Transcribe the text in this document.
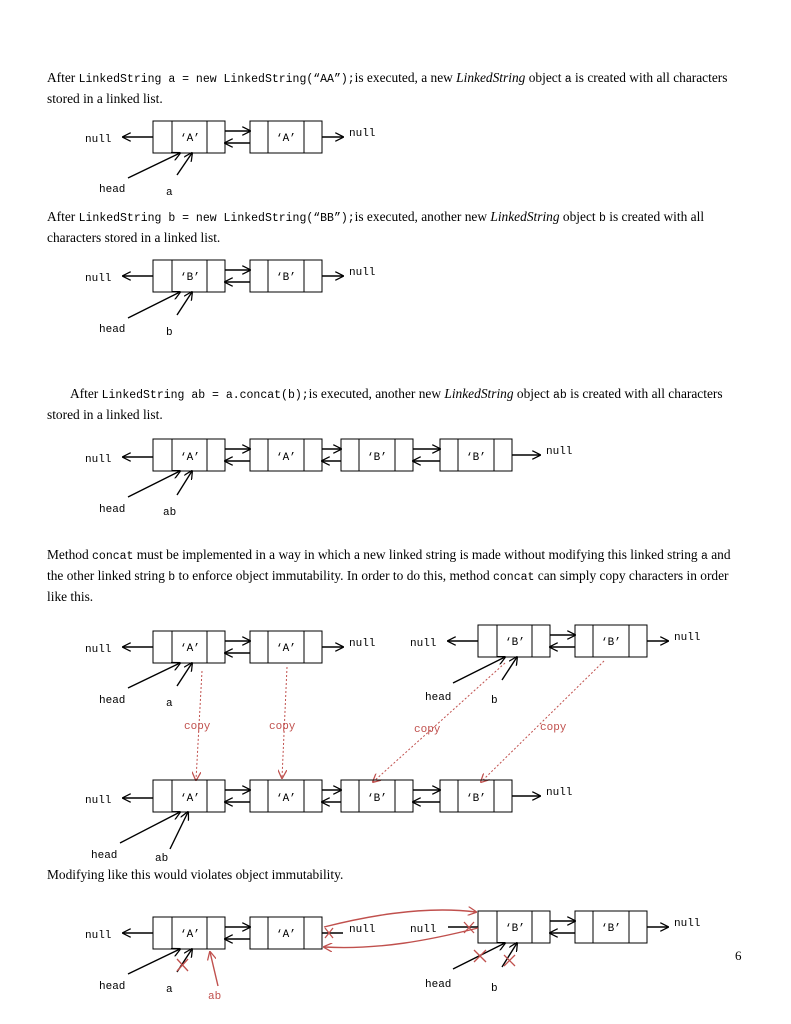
After LinkedString a = new LinkedString(“AA”);is executed, a new LinkedString object a is created with all characters stored in a linked list.

After LinkedString b = new LinkedString(“BB”);is executed, another new LinkedString object b is created with all characters stored in a linked list.

After LinkedString ab = a.concat(b);is executed, another new LinkedString object ab is created with all characters stored in a linked list.

Method concat must be implemented in a way in which a new linked string is made without modifying this linked string a and the other linked string b to enforce object immutability. In order to do this, method concat can simply copy characters in order like this.

Modifying like this would violates object immutability.

6
null	‘A’	‘A’	null
head	a
null	‘B’	‘B’	null
head	b
null	‘A’	‘A’	‘B’	‘B’	null
head	ab
null	‘A’	‘A’	null
head	a
null	‘B’	‘B’	null
head	b
copy	copy	copy	copy
null	‘A’	‘A’	‘B’	‘B’	null
head	ab
null	‘A’	‘A’	null
head	a
ab
null	‘B’	‘B’	null
head	b
